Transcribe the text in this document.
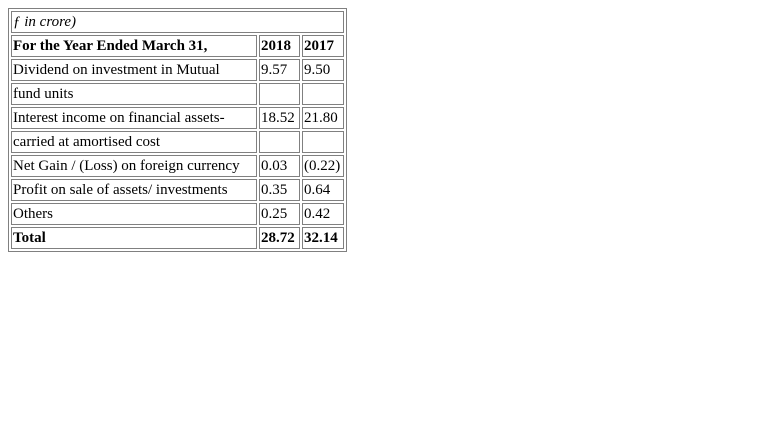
ƒ in crore)		
For the Year Ended March 31,	2018	2017
Dividend on investment in Mutual	9.57	9.50
fund units		
Interest income on financial assets-	18.52	21.80
carried at amortised cost		
Net Gain / (Loss) on foreign currency	0.03	(0.22)
Profit on sale of assets/ investments	0.35	0.64
Others	0.25	0.42
Total	28.72	32.14
